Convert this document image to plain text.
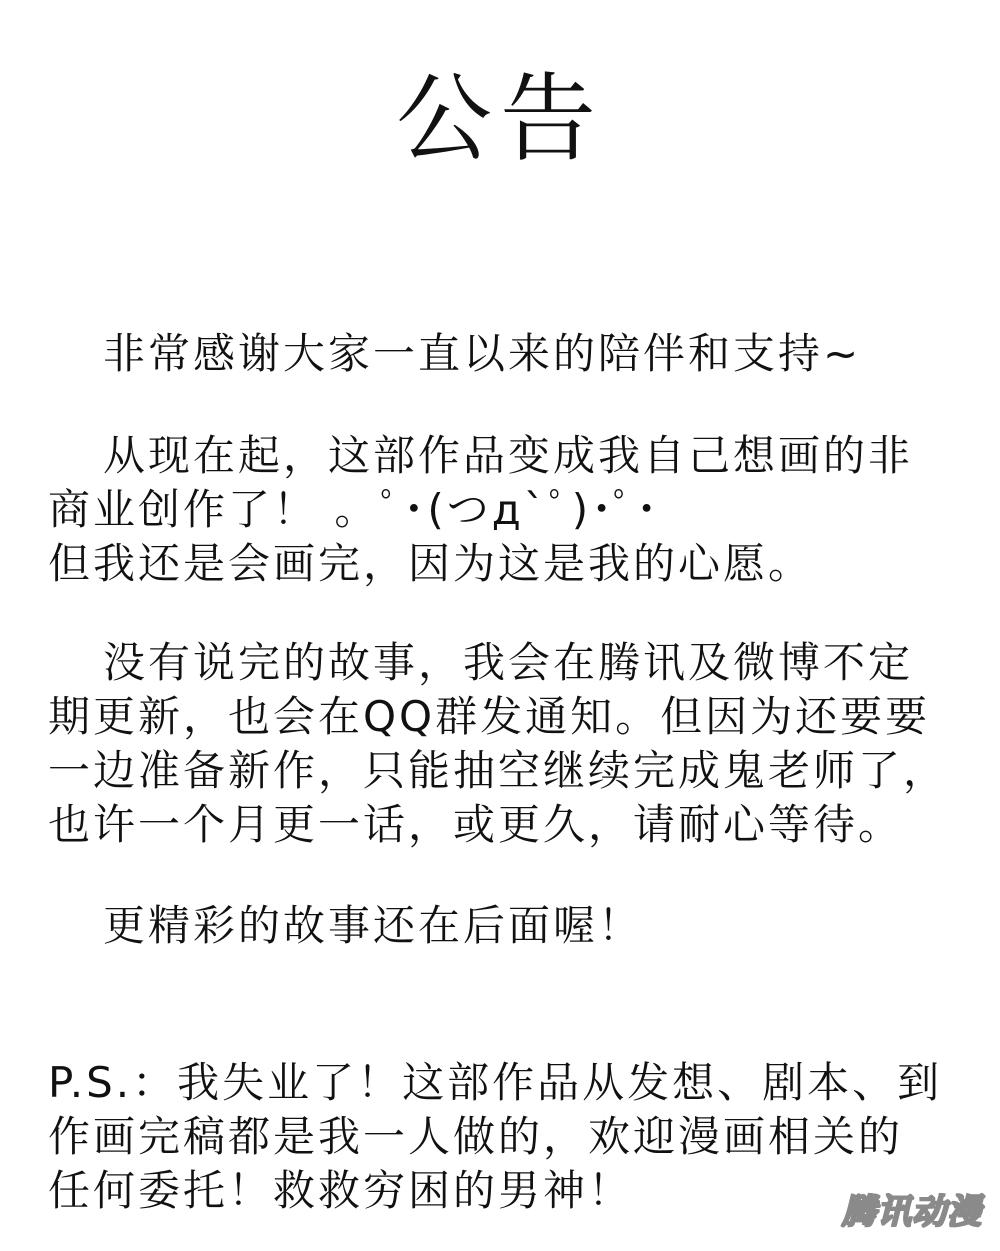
公告
非常感谢大家一直以来的陪伴和支持~
从现在起，这部作品变成我自己想画的非
商业创作了！ 。ﾟ･(つд`ﾟ)･ﾟ･
但我还是会画完，因为这是我的心愿。
没有说完的故事，我会在腾讯及微博不定
期更新，也会在QQ群发通知。但因为还要要
一边准备新作，只能抽空继续完成鬼老师了，
也许一个月更一话，或更久，请耐心等待。
更精彩的故事还在后面喔！
P.S.：我失业了！这部作品从发想、剧本、到
作画完稿都是我一人做的，欢迎漫画相关的
任何委托！救救穷困的男神！	腾讯动漫
